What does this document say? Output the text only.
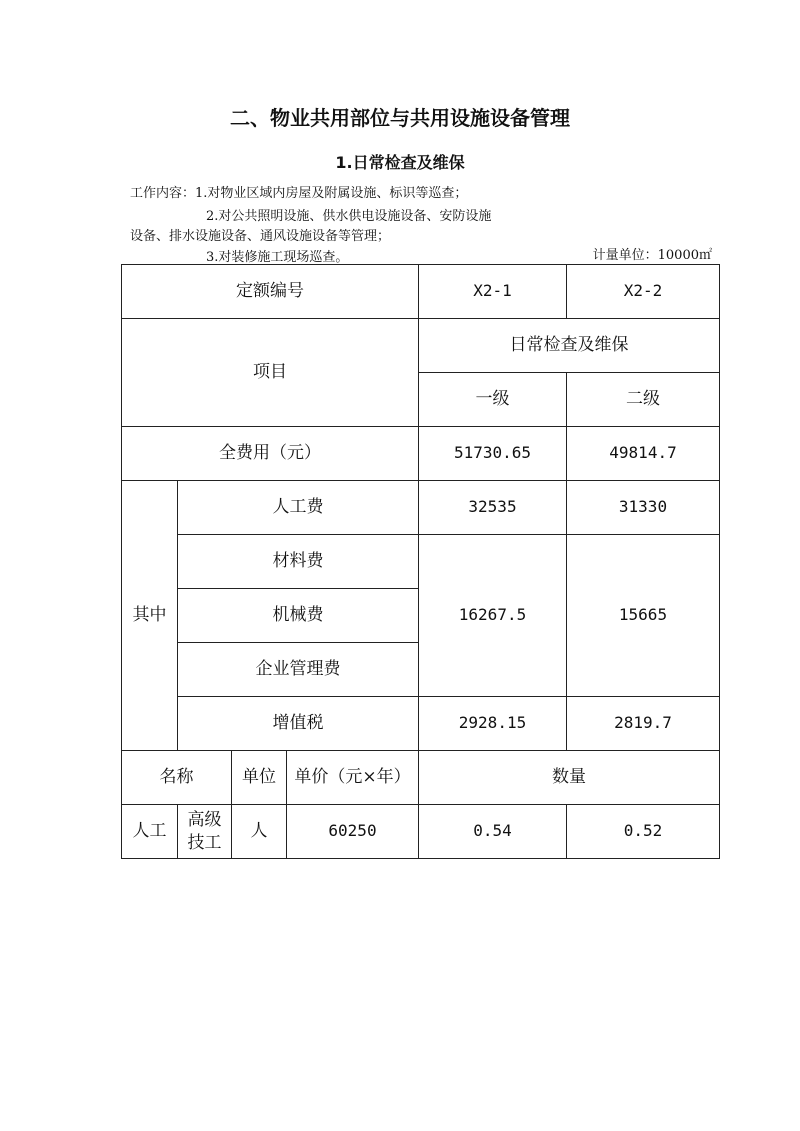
二、物业共用部位与共用设施设备管理
1.日常检查及维保
工作内容：1.对物业区域内房屋及附属设施、标识等巡查；
2.对公共照明设施、供水供电设施设备、安防设施
设备、排水设施设备、通风设施设备等管理；
3.对装修施工现场巡查。	计量单位：10000㎡
定额编号				X2-1	X2-2
项目				日常检查及维保	
				一级	二级
全费用（元）				51730.65	49814.7
其中	人工费			32535	31330
	材料费			16267.5	15665
	机械费				
	企业管理费				
	增值税			2928.15	2819.7
名称		单位	单价（元×年）	数量	
人工	高级技工	人	60250	0.54	0.52
